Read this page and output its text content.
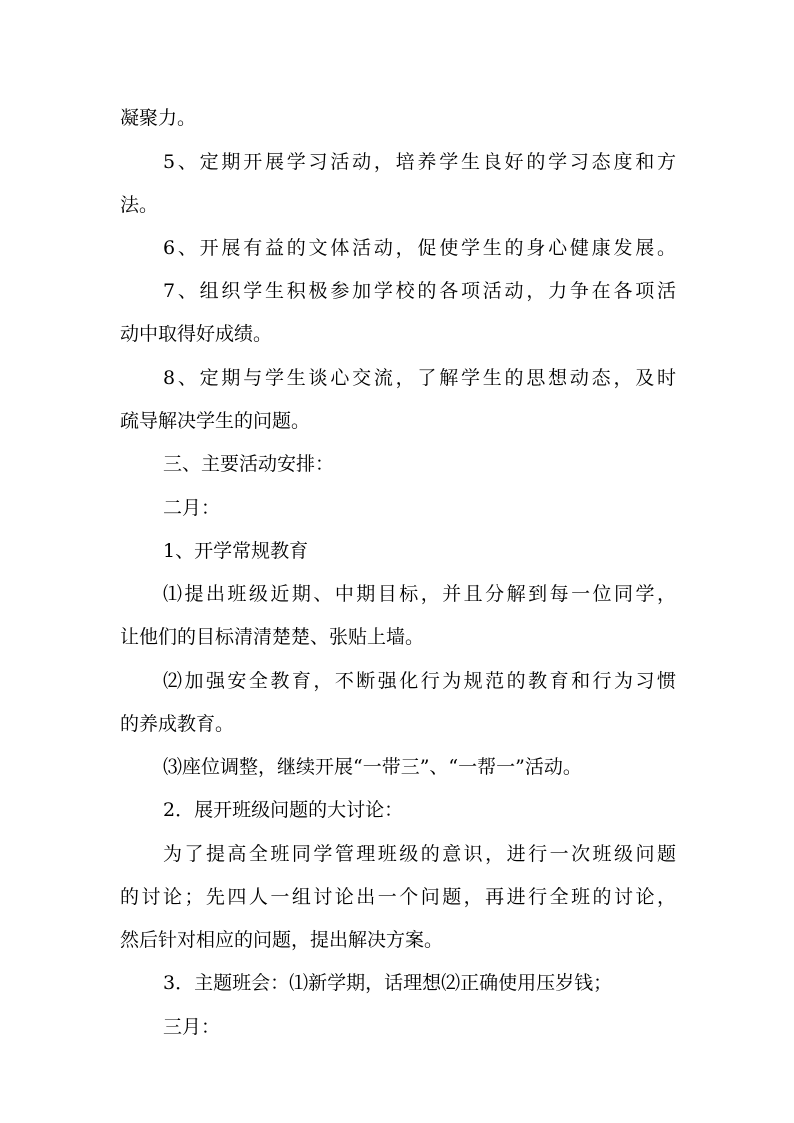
凝聚力。
5、定期开展学习活动，培养学生良好的学习态度和方
法。
6、开展有益的文体活动，促使学生的身心健康发展。
7、组织学生积极参加学校的各项活动，力争在各项活
动中取得好成绩。
8、定期与学生谈心交流，了解学生的思想动态，及时
疏导解决学生的问题。
三、主要活动安排：
二月：
1、开学常规教育
⑴提出班级近期、中期目标，并且分解到每一位同学，
让他们的目标清清楚楚、张贴上墙。
⑵加强安全教育，不断强化行为规范的教育和行为习惯
的养成教育。
⑶座位调整，继续开展“一带三”、“一帮一”活动。
2．展开班级问题的大讨论：
为了提高全班同学管理班级的意识，进行一次班级问题
的讨论；先四人一组讨论出一个问题，再进行全班的讨论，
然后针对相应的问题，提出解决方案。
3．主题班会：⑴新学期，话理想⑵正确使用压岁钱；
三月：
